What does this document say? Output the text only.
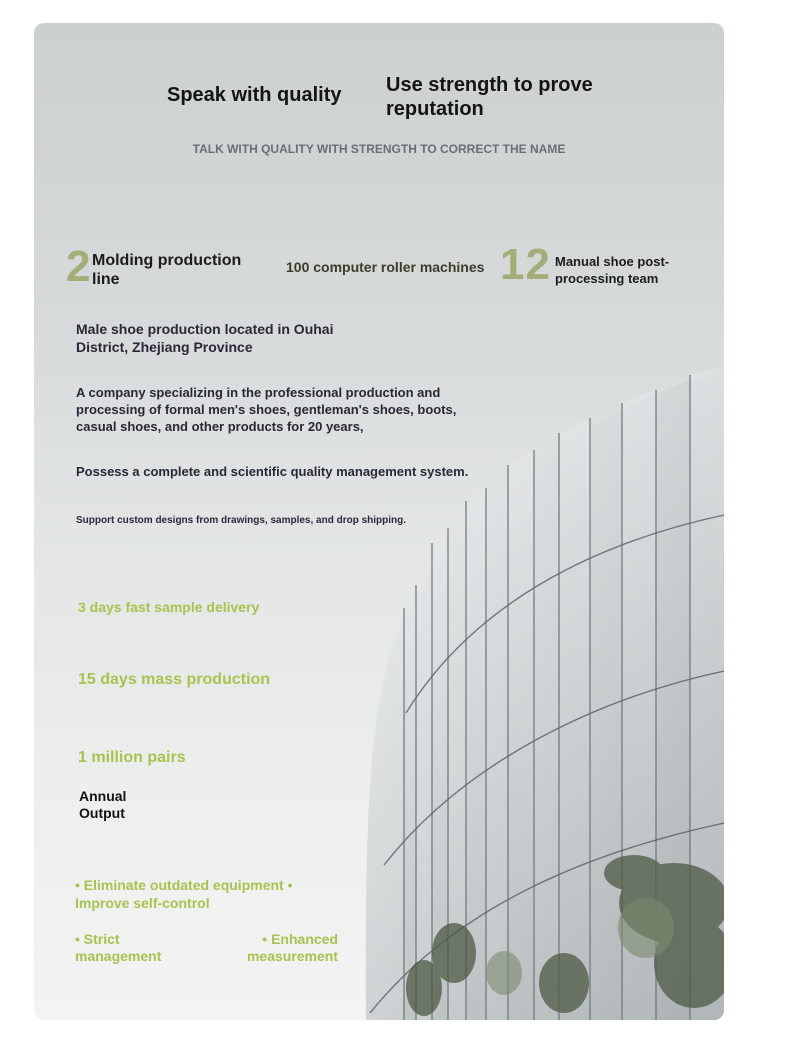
Speak with quality Use strength to prove reputation
TALK WITH QUALITY WITH STRENGTH TO CORRECT THE NAME
2 Molding production line
100 computer roller machines 12 Manual shoe post-processing team

Male shoe production located in Ouhai District, Zhejiang Province

A company specializing in the professional production and processing of formal men's shoes, gentleman's shoes, boots, casual shoes, and other products for 20 years,

Possess a complete and scientific quality management system.

Support custom designs from drawings, samples, and drop shipping.

3 days fast sample delivery
15 days mass production
1 million pairs
Annual Output
• Eliminate outdated equipment • Improve self-control
• Strict management
• Enhanced measurement
